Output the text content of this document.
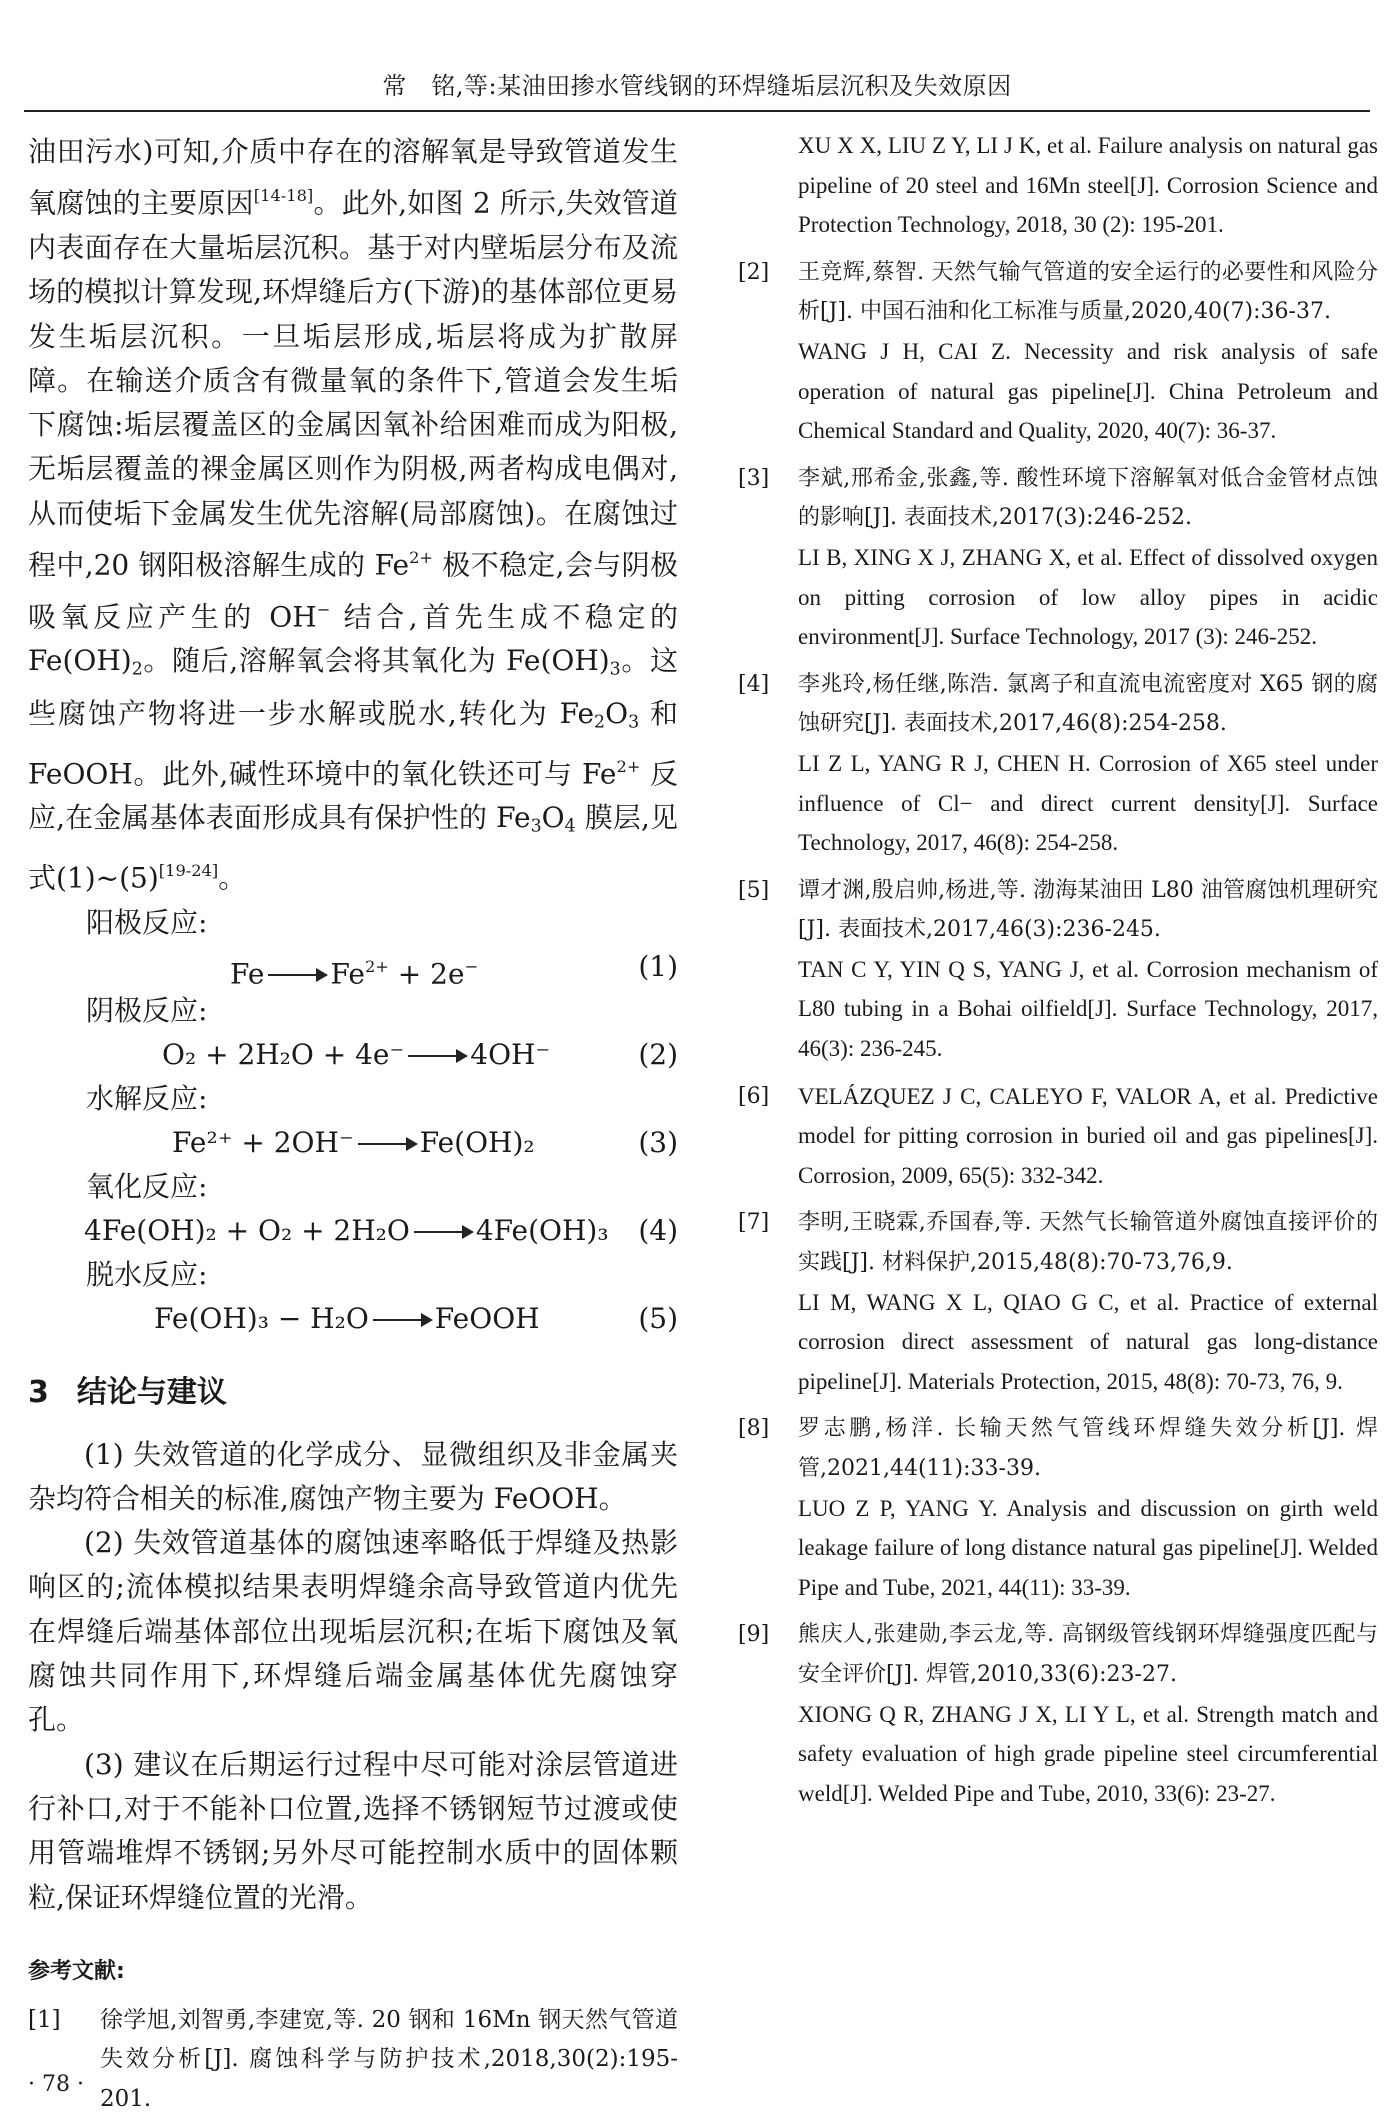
常　铭,等:某油田掺水管线钢的环焊缝垢层沉积及失效原因

油田污水)可知,介质中存在的溶解氧是导致管道发生氧腐蚀的主要原因[14-18]。此外,如图 2 所示,失效管道内表面存在大量垢层沉积。基于对内壁垢层分布及流场的模拟计算发现,环焊缝后方(下游)的基体部位更易发生垢层沉积。一旦垢层形成,垢层将成为扩散屏障。在输送介质含有微量氧的条件下,管道会发生垢下腐蚀:垢层覆盖区的金属因氧补给困难而成为阳极,无垢层覆盖的裸金属区则作为阴极,两者构成电偶对,从而使垢下金属发生优先溶解(局部腐蚀)。在腐蚀过程中,20 钢阳极溶解生成的 $Fe^{2+}$ 极不稳定,会与阴极吸氧反应产生的 OH− 结合,首先生成不稳定的 $Fe(OH)_2$。随后,溶解氧会将其氧化为 $Fe(OH)_3$。这些腐蚀产物将进一步水解或脱水,转化为 $Fe_2O_3$ 和 FeOOH。此外,碱性环境中的氧化铁还可与 $Fe^{2+}$ 反应,在金属基体表面形成具有保护性的 $Fe_3O_4$ 膜层,见式(1)~(5)[19-24]。

阳极反应:
Fe $Fe^{2+} + 2e^-$	(1)
阴极反应:
O₂ + 2H₂O + 4e⁻ 4OH⁻	(2)
水解反应:
Fe²⁺ + 2OH⁻ Fe(OH)₂	(3)
氧化反应:
4Fe(OH)₂ + O₂ + 2H₂O 4Fe(OH)₃ (4)
脱水反应:
Fe(OH)₃ − H₂O FeOOH	(5)
3 结论与建议

(1) 失效管道的化学成分、显微组织及非金属夹杂均符合相关的标准,腐蚀产物主要为 FeOOH。

(2) 失效管道基体的腐蚀速率略低于焊缝及热影响区的;流体模拟结果表明焊缝余高导致管道内优先在焊缝后端基体部位出现垢层沉积;在垢下腐蚀及氧腐蚀共同作用下,环焊缝后端金属基体优先腐蚀穿孔。

(3) 建议在后期运行过程中尽可能对涂层管道进行补口,对于不能补口位置,选择不锈钢短节过渡或使用管端堆焊不锈钢;另外尽可能控制水质中的固体颗粒,保证环焊缝位置的光滑。

参考文献:
[1] 徐学旭,刘智勇,李建宽,等. 20 钢和 16Mn 钢天然气管道失效分析[J]. 腐蚀科学与防护技术,2018,30(2):195-201.
XU X X, LIU Z Y, LI J K, et al. Failure analysis on natural gas pipeline of 20 steel and 16Mn steel[J]. Corrosion Science and Protection Technology, 2018, 30 (2): 195-201.
[2] 王竞辉,蔡智. 天然气输气管道的安全运行的必要性和风险分析[J]. 中国石油和化工标准与质量,2020,40(7):36-37.
WANG J H, CAI Z. Necessity and risk analysis of safe operation of natural gas pipeline[J]. China Petroleum and Chemical Standard and Quality, 2020, 40(7): 36-37.
[3] 李斌,邢希金,张鑫,等. 酸性环境下溶解氧对低合金管材点蚀的影响[J]. 表面技术,2017(3):246-252.
LI B, XING X J, ZHANG X, et al. Effect of dissolved oxygen on pitting corrosion of low alloy pipes in acidic environment[J]. Surface Technology, 2017 (3): 246-252.
[4] 李兆玲,杨任继,陈浩. 氯离子和直流电流密度对 X65 钢的腐蚀研究[J]. 表面技术,2017,46(8):254-258.
LI Z L, YANG R J, CHEN H. Corrosion of X65 steel under influence of Cl− and direct current density[J]. Surface Technology, 2017, 46(8): 254-258.
[5] 谭才渊,殷启帅,杨进,等. 渤海某油田 L80 油管腐蚀机理研究[J]. 表面技术,2017,46(3):236-245.
TAN C Y, YIN Q S, YANG J, et al. Corrosion mechanism of L80 tubing in a Bohai oilfield[J]. Surface Technology, 2017, 46(3): 236-245.
[6] VELÁZQUEZ J C, CALEYO F, VALOR A, et al. Predictive model for pitting corrosion in buried oil and gas pipelines[J]. Corrosion, 2009, 65(5): 332-342.
[7] 李明,王晓霖,乔国春,等. 天然气长输管道外腐蚀直接评价的实践[J]. 材料保护,2015,48(8):70-73,76,9.
LI M, WANG X L, QIAO G C, et al. Practice of external corrosion direct assessment of natural gas long-distance pipeline[J]. Materials Protection, 2015, 48(8): 70-73, 76, 9.
[8] 罗志鹏,杨洋. 长输天然气管线环焊缝失效分析[J]. 焊管,2021,44(11):33-39.
LUO Z P, YANG Y. Analysis and discussion on girth weld leakage failure of long distance natural gas pipeline[J]. Welded Pipe and Tube, 2021, 44(11): 33-39.
[9] 熊庆人,张建勋,李云龙,等. 高钢级管线钢环焊缝强度匹配与安全评价[J]. 焊管,2010,33(6):23-27.
XIONG Q R, ZHANG J X, LI Y L, et al. Strength match and safety evaluation of high grade pipeline steel circumferential weld[J]. Welded Pipe and Tube, 2010, 33(6): 23-27.
· 78 ·
